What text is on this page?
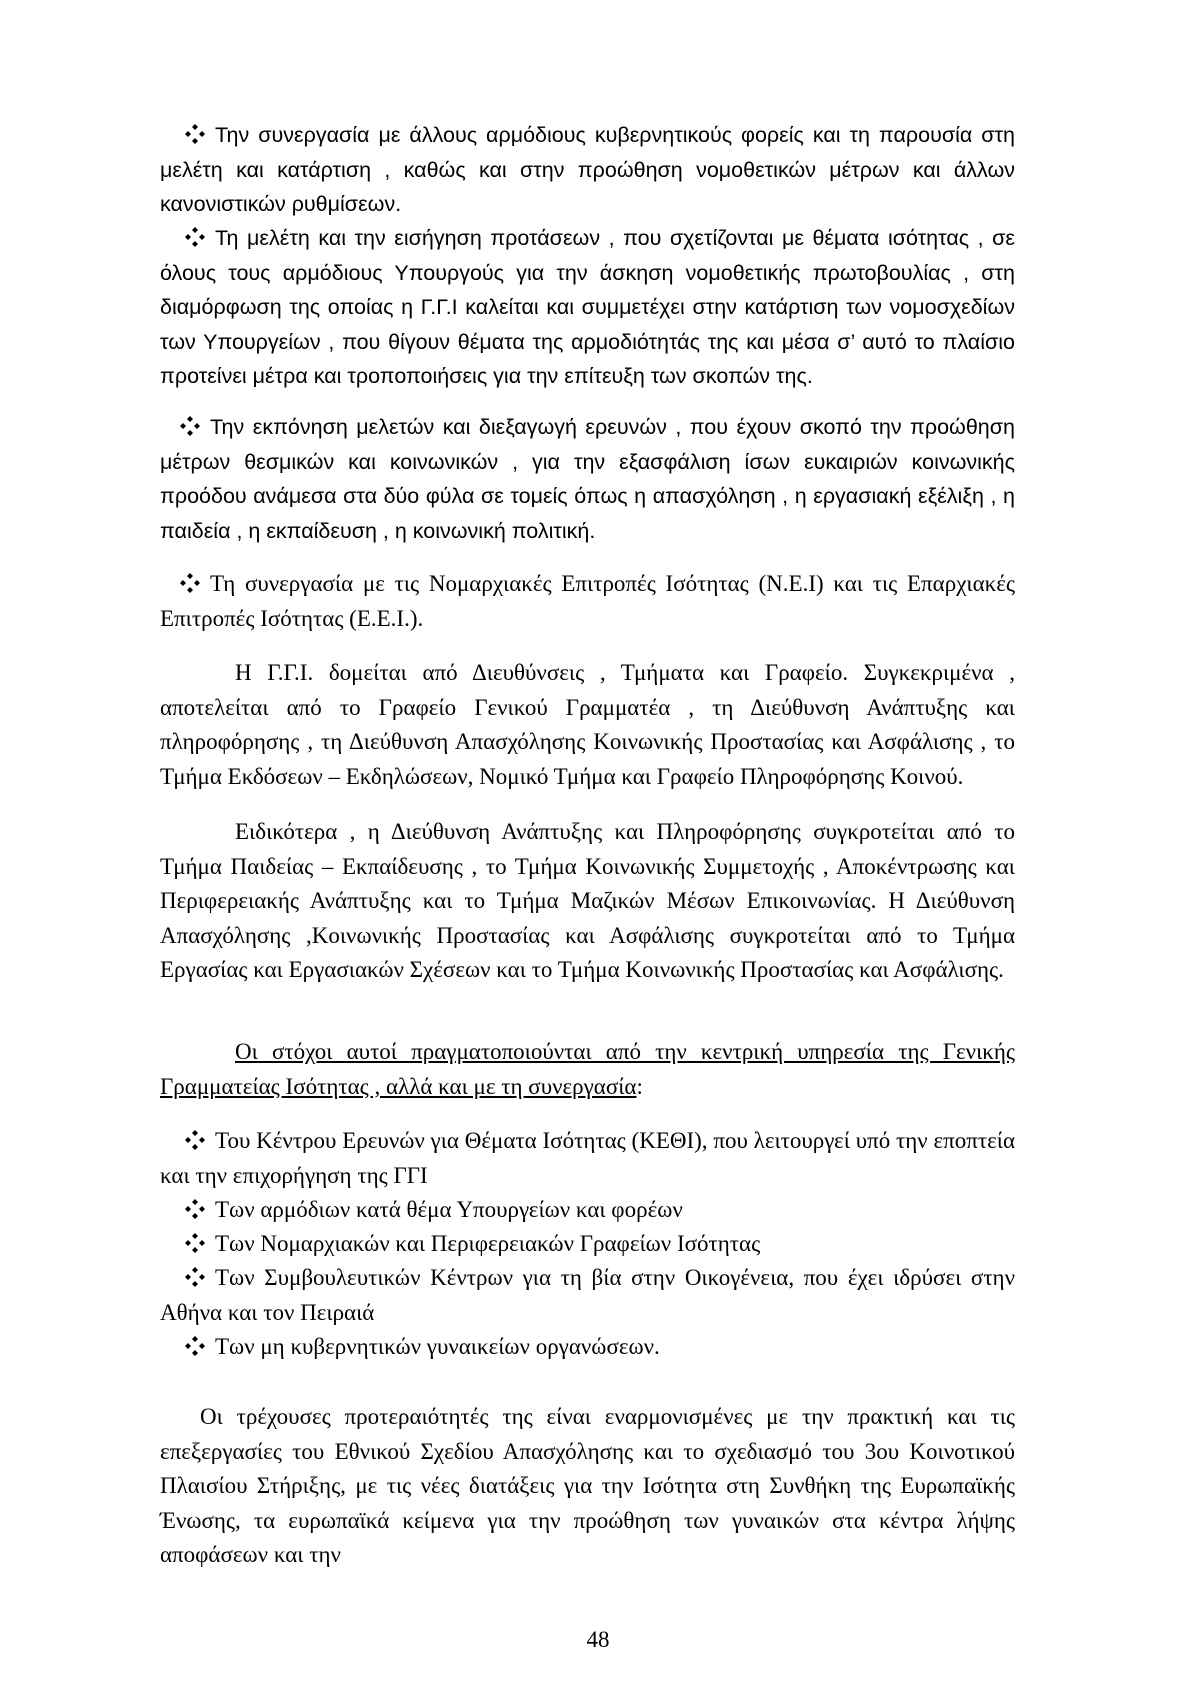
Την συνεργασία με άλλους αρμόδιους κυβερνητικούς φορείς και τη παρουσία στη μελέτη και κατάρτιση , καθώς και στην προώθηση νομοθετικών μέτρων και άλλων κανονιστικών ρυθμίσεων.

Τη μελέτη και την εισήγηση προτάσεων , που σχετίζονται με θέματα ισότητας , σε όλους τους αρμόδιους Υπουργούς για την άσκηση νομοθετικής πρωτοβουλίας , στη διαμόρφωση της οποίας η Γ.Γ.Ι καλείται και συμμετέχει στην κατάρτιση των νομοσχεδίων των Υπουργείων , που θίγουν θέματα της αρμοδιότητάς της και μέσα σ’ αυτό το πλαίσιο προτείνει μέτρα και τροποποιήσεις για την επίτευξη των σκοπών της.

Την εκπόνηση μελετών και διεξαγωγή ερευνών , που έχουν σκοπό την προώθηση μέτρων θεσμικών και κοινωνικών , για την εξασφάλιση ίσων ευκαιριών κοινωνικής προόδου ανάμεσα στα δύο φύλα σε τομείς όπως η απασχόληση , η εργασιακή εξέλιξη , η παιδεία , η εκπαίδευση , η κοινωνική πολιτική.

Τη συνεργασία με τις Νομαρχιακές Επιτροπές Ισότητας (Ν.Ε.Ι) και τις Επαρχιακές Επιτροπές Ισότητας (Ε.Ε.Ι.).

Η Γ.Γ.Ι. δομείται από Διευθύνσεις , Τμήματα και Γραφείο. Συγκεκριμένα , αποτελείται από το Γραφείο Γενικού Γραμματέα , τη Διεύθυνση Ανάπτυξης και πληροφόρησης , τη Διεύθυνση Απασχόλησης Κοινωνικής Προστασίας και Ασφάλισης , το Τμήμα Εκδόσεων – Εκδηλώσεων, Νομικό Τμήμα και Γραφείο Πληροφόρησης Κοινού.

Ειδικότερα , η Διεύθυνση Ανάπτυξης και Πληροφόρησης συγκροτείται από το Τμήμα Παιδείας – Εκπαίδευσης , το Τμήμα Κοινωνικής Συμμετοχής , Αποκέντρωσης και Περιφερειακής Ανάπτυξης και το Τμήμα Μαζικών Μέσων Επικοινωνίας. Η Διεύθυνση Απασχόλησης ,Κοινωνικής Προστασίας και Ασφάλισης συγκροτείται από το Τμήμα Εργασίας και Εργασιακών Σχέσεων και το Τμήμα Κοινωνικής Προστασίας και Ασφάλισης.

Οι στόχοι αυτοί πραγματοποιούνται από την κεντρική υπηρεσία της Γενικής Γραμματείας Ισότητας , αλλά και με τη συνεργασία:

Του Κέντρου Ερευνών για Θέματα Ισότητας (ΚΕΘΙ), που λειτουργεί υπό την εποπτεία και την επιχορήγηση της ΓΓΙ

Των αρμόδιων κατά θέμα Υπουργείων και φορέων

Των Νομαρχιακών και Περιφερειακών Γραφείων Ισότητας

Των Συμβουλευτικών Κέντρων για τη βία στην Οικογένεια, που έχει ιδρύσει στην Αθήνα και τον Πειραιά

Των μη κυβερνητικών γυναικείων οργανώσεων.

Οι τρέχουσες προτεραιότητές της είναι εναρμονισμένες με την πρακτική και τις επεξεργασίες του Εθνικού Σχεδίου Απασχόλησης και το σχεδιασμό του 3ου Κοινοτικού Πλαισίου Στήριξης, με τις νέες διατάξεις για την Ισότητα στη Συνθήκη της Ευρωπαϊκής Ένωσης, τα ευρωπαϊκά κείμενα για την προώθηση των γυναικών στα κέντρα λήψης αποφάσεων και την

48
